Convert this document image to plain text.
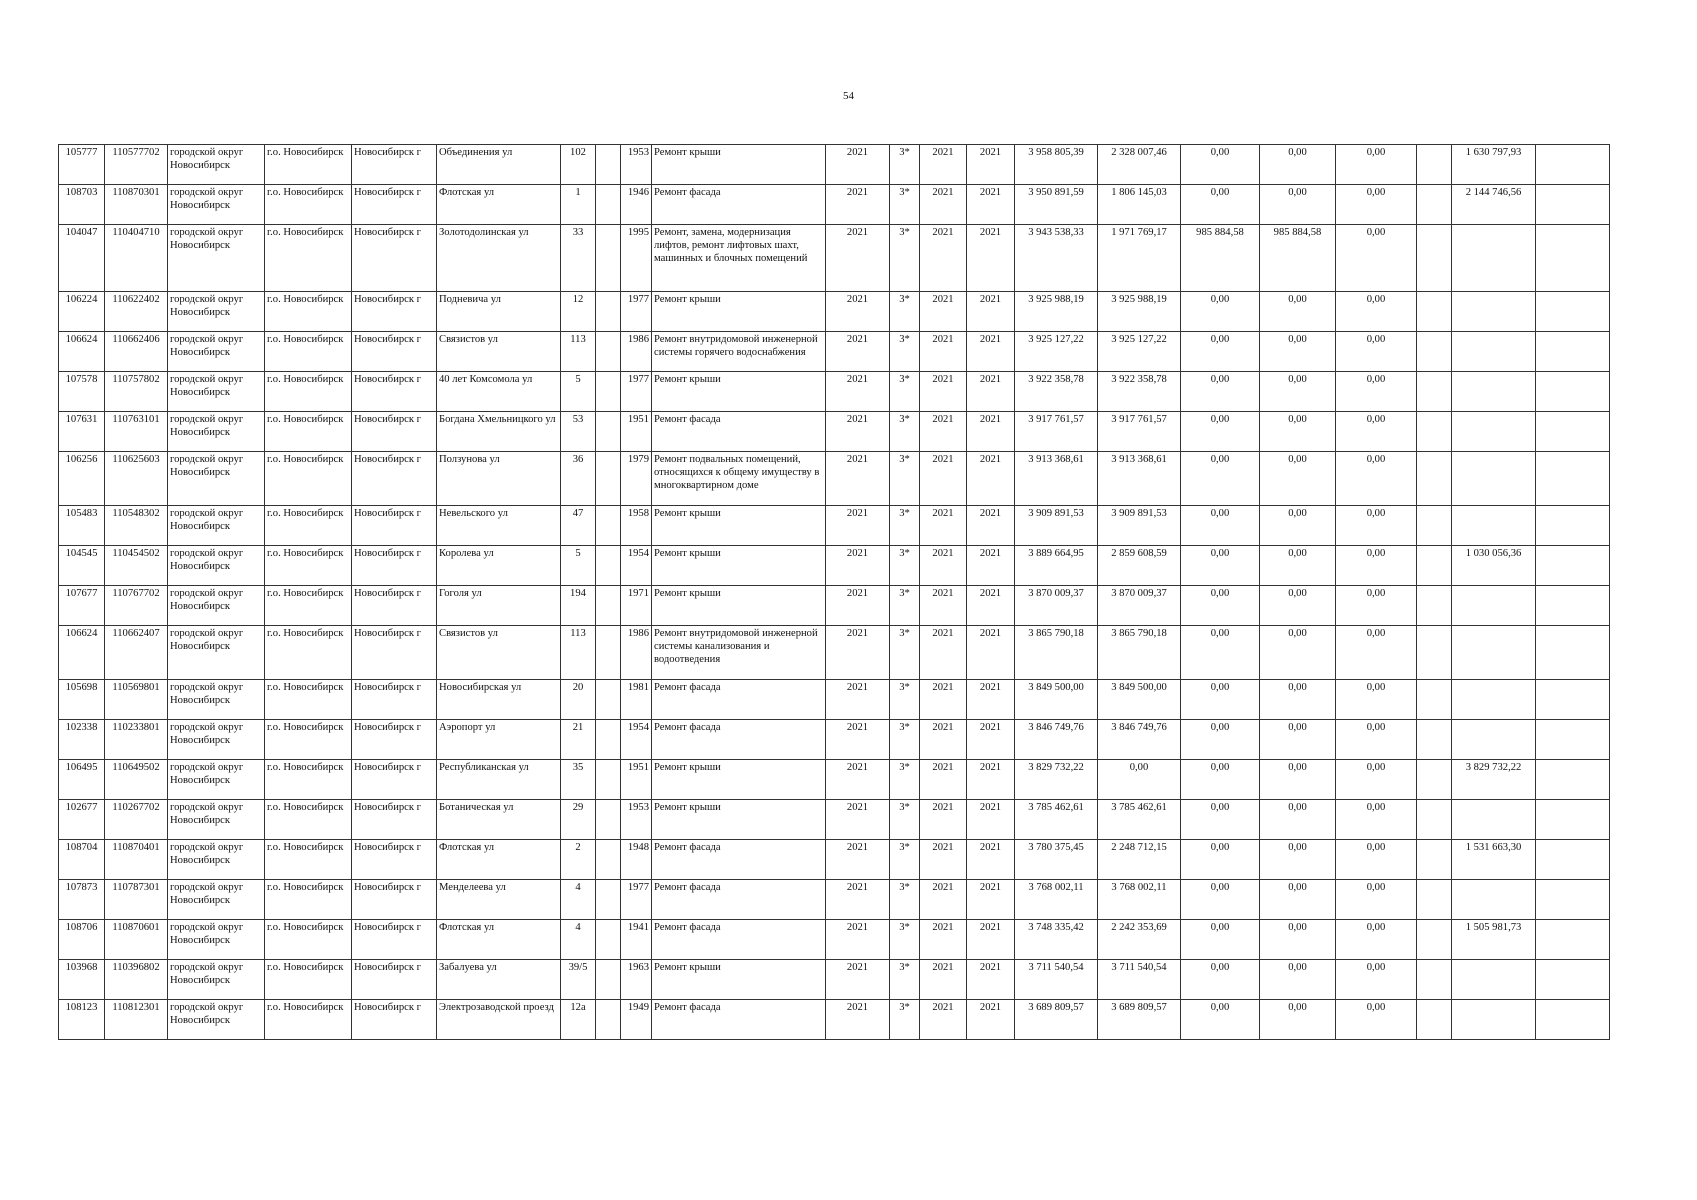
54
105777	110577702	городской округ Новосибирск	г.о. Новосибирск	Новосибирск г	Объединения ул	102		1953	Ремонт крыши	2021	3*	2021	2021	3 958 805,39	2 328 007,46	0,00	0,00	0,00		1 630 797,93	
108703	110870301	городской округ Новосибирск	г.о. Новосибирск	Новосибирск г	Флотская ул	1		1946	Ремонт фасада	2021	3*	2021	2021	3 950 891,59	1 806 145,03	0,00	0,00	0,00		2 144 746,56	
104047	110404710	городской округ Новосибирск	г.о. Новосибирск	Новосибирск г	Золотодолинская ул	33		1995	Ремонт, замена, модернизация лифтов, ремонт лифтовых шахт, машинных и блочных помещений	2021	3*	2021	2021	3 943 538,33	1 971 769,17	985 884,58	985 884,58	0,00			
106224	110622402	городской округ Новосибирск	г.о. Новосибирск	Новосибирск г	Подневича ул	12		1977	Ремонт крыши	2021	3*	2021	2021	3 925 988,19	3 925 988,19	0,00	0,00	0,00			
106624	110662406	городской округ Новосибирск	г.о. Новосибирск	Новосибирск г	Связистов ул	113		1986	Ремонт внутридомовой инженерной системы горячего водоснабжения	2021	3*	2021	2021	3 925 127,22	3 925 127,22	0,00	0,00	0,00			
107578	110757802	городской округ Новосибирск	г.о. Новосибирск	Новосибирск г	40 лет Комсомола ул	5		1977	Ремонт крыши	2021	3*	2021	2021	3 922 358,78	3 922 358,78	0,00	0,00	0,00			
107631	110763101	городской округ Новосибирск	г.о. Новосибирск	Новосибирск г	Богдана Хмельницкого ул	53		1951	Ремонт фасада	2021	3*	2021	2021	3 917 761,57	3 917 761,57	0,00	0,00	0,00			
106256	110625603	городской округ Новосибирск	г.о. Новосибирск	Новосибирск г	Ползунова ул	36		1979	Ремонт подвальных помещений, относящихся к общему имуществу в многоквартирном доме	2021	3*	2021	2021	3 913 368,61	3 913 368,61	0,00	0,00	0,00			
105483	110548302	городской округ Новосибирск	г.о. Новосибирск	Новосибирск г	Невельского ул	47		1958	Ремонт крыши	2021	3*	2021	2021	3 909 891,53	3 909 891,53	0,00	0,00	0,00			
104545	110454502	городской округ Новосибирск	г.о. Новосибирск	Новосибирск г	Королева ул	5		1954	Ремонт крыши	2021	3*	2021	2021	3 889 664,95	2 859 608,59	0,00	0,00	0,00		1 030 056,36	
107677	110767702	городской округ Новосибирск	г.о. Новосибирск	Новосибирск г	Гоголя ул	194		1971	Ремонт крыши	2021	3*	2021	2021	3 870 009,37	3 870 009,37	0,00	0,00	0,00			
106624	110662407	городской округ Новосибирск	г.о. Новосибирск	Новосибирск г	Связистов ул	113		1986	Ремонт внутридомовой инженерной системы канализования и водоотведения	2021	3*	2021	2021	3 865 790,18	3 865 790,18	0,00	0,00	0,00			
105698	110569801	городской округ Новосибирск	г.о. Новосибирск	Новосибирск г	Новосибирская ул	20		1981	Ремонт фасада	2021	3*	2021	2021	3 849 500,00	3 849 500,00	0,00	0,00	0,00			
102338	110233801	городской округ Новосибирск	г.о. Новосибирск	Новосибирск г	Аэропорт ул	21		1954	Ремонт фасада	2021	3*	2021	2021	3 846 749,76	3 846 749,76	0,00	0,00	0,00			
106495	110649502	городской округ Новосибирск	г.о. Новосибирск	Новосибирск г	Республиканская ул	35		1951	Ремонт крыши	2021	3*	2021	2021	3 829 732,22	0,00	0,00	0,00	0,00		3 829 732,22	
102677	110267702	городской округ Новосибирск	г.о. Новосибирск	Новосибирск г	Ботаническая ул	29		1953	Ремонт крыши	2021	3*	2021	2021	3 785 462,61	3 785 462,61	0,00	0,00	0,00			
108704	110870401	городской округ Новосибирск	г.о. Новосибирск	Новосибирск г	Флотская ул	2		1948	Ремонт фасада	2021	3*	2021	2021	3 780 375,45	2 248 712,15	0,00	0,00	0,00		1 531 663,30	
107873	110787301	городской округ Новосибирск	г.о. Новосибирск	Новосибирск г	Менделеева ул	4		1977	Ремонт фасада	2021	3*	2021	2021	3 768 002,11	3 768 002,11	0,00	0,00	0,00			
108706	110870601	городской округ Новосибирск	г.о. Новосибирск	Новосибирск г	Флотская ул	4		1941	Ремонт фасада	2021	3*	2021	2021	3 748 335,42	2 242 353,69	0,00	0,00	0,00		1 505 981,73	
103968	110396802	городской округ Новосибирск	г.о. Новосибирск	Новосибирск г	Забалуева ул	39/5		1963	Ремонт крыши	2021	3*	2021	2021	3 711 540,54	3 711 540,54	0,00	0,00	0,00			
108123	110812301	городской округ Новосибирск	г.о. Новосибирск	Новосибирск г	Электрозаводской проезд	12а		1949	Ремонт фасада	2021	3*	2021	2021	3 689 809,57	3 689 809,57	0,00	0,00	0,00			
